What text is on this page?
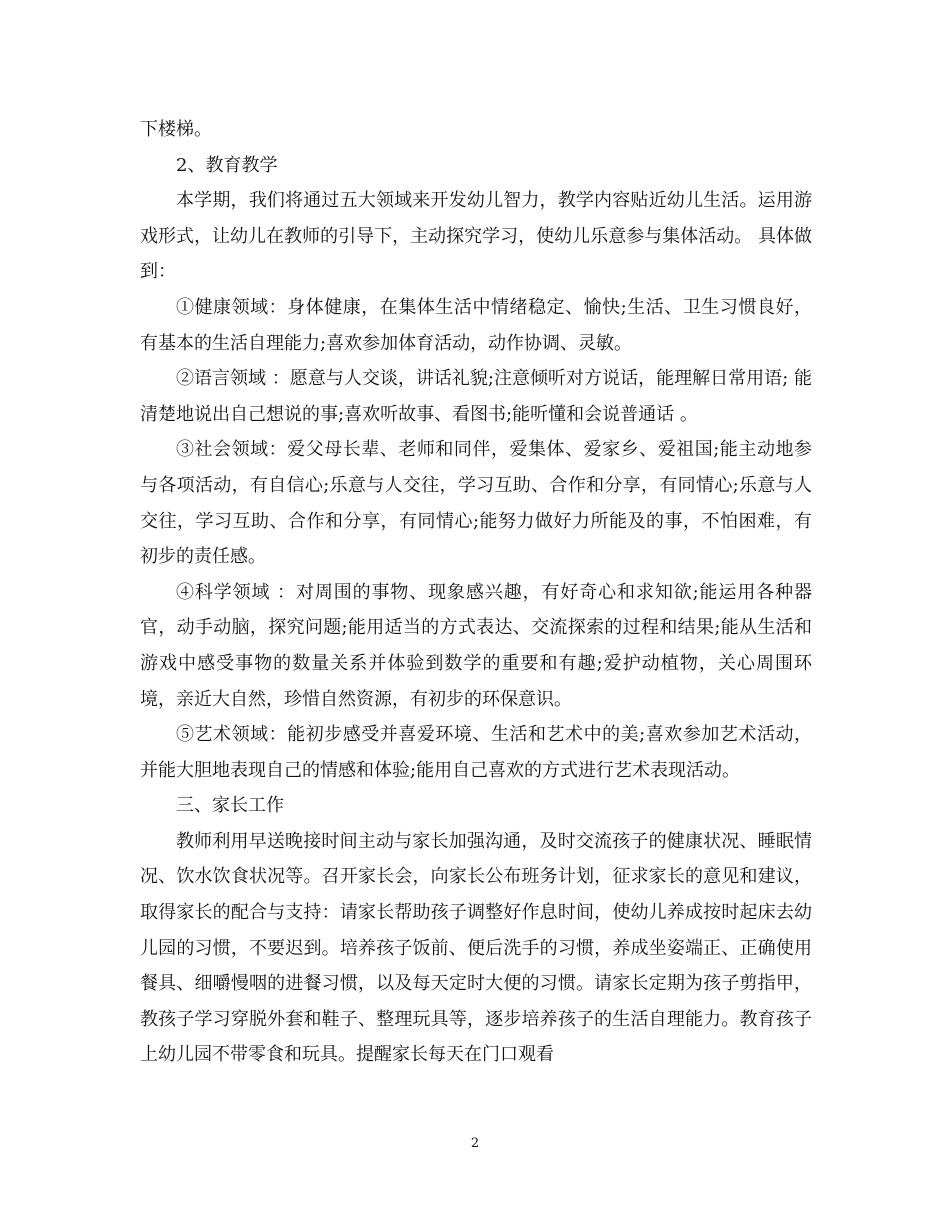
下楼梯。

2、教育教学

本学期，我们将通过五大领域来开发幼儿智力，教学内容贴近幼儿生活。运用游戏形式，让幼儿在教师的引导下，主动探究学习，使幼儿乐意参与集体活动。 具体做到：

①健康领域：身体健康，在集体生活中情绪稳定、愉快;生活、卫生习惯良好，有基本的生活自理能力;喜欢参加体育活动，动作协调、灵敏。

②语言领域 ：愿意与人交谈，讲话礼貌;注意倾听对方说话，能理解日常用语; 能清楚地说出自己想说的事;喜欢听故事、看图书;能听懂和会说普通话 。

③社会领域：爱父母长辈、老师和同伴，爱集体、爱家乡、爱祖国;能主动地参与各项活动，有自信心;乐意与人交往，学习互助、合作和分享，有同情心;乐意与人交往，学习互助、合作和分享，有同情心;能努力做好力所能及的事，不怕困难，有初步的责任感。

④科学领域 ：对周围的事物、现象感兴趣，有好奇心和求知欲;能运用各种器官，动手动脑，探究问题;能用适当的方式表达、交流探索的过程和结果;能从生活和游戏中感受事物的数量关系并体验到数学的重要和有趣;爱护动植物，关心周围环境，亲近大自然，珍惜自然资源，有初步的环保意识。

⑤艺术领域：能初步感受并喜爱环境、生活和艺术中的美;喜欢参加艺术活动，并能大胆地表现自己的情感和体验;能用自己喜欢的方式进行艺术表现活动。

三、家长工作

教师利用早送晚接时间主动与家长加强沟通，及时交流孩子的健康状况、睡眠情况、饮水饮食状况等。召开家长会，向家长公布班务计划，征求家长的意见和建议，取得家长的配合与支持：请家长帮助孩子调整好作息时间，使幼儿养成按时起床去幼儿园的习惯，不要迟到。培养孩子饭前、便后洗手的习惯，养成坐姿端正、正确使用餐具、细嚼慢咽的进餐习惯，以及每天定时大便的习惯。请家长定期为孩子剪指甲，教孩子学习穿脱外套和鞋子、整理玩具等，逐步培养孩子的生活自理能力。教育孩子上幼儿园不带零食和玩具。提醒家长每天在门口观看

2
